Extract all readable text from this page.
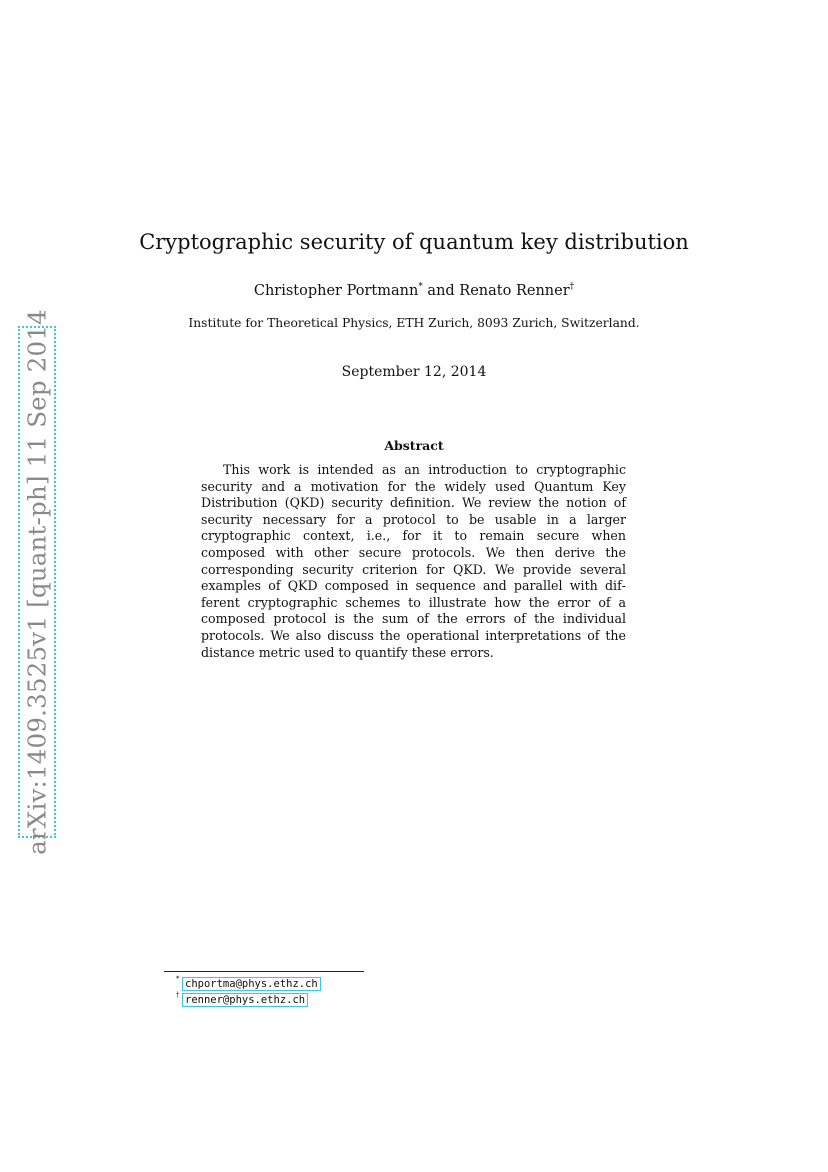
arXiv:1409.3525v1 [quant-ph] 11 Sep 2014
Cryptographic security of quantum key distribution
Christopher Portmann* and Renato Renner†
Institute for Theoretical Physics, ETH Zurich, 8093 Zurich, Switzerland.
September 12, 2014
Abstract
This work is intended as an introduction to cryptographic security and a motivation for the widely used Quantum Key Distribution (QKD) security definition. We review the notion of security necessary for a protocol to be usable in a larger cryptographic context, i.e., for it to remain secure when composed with other secure protocols. We then derive the corresponding security criterion for QKD. We provide several examples of QKD composed in sequence and parallel with different cryptographic schemes to illustrate how the error of a composed protocol is the sum of the errors of the individual protocols. We also discuss the operational interpretations of the distance metric used to quantify these errors.
* chportma@phys.ethz.ch
† renner@phys.ethz.ch
